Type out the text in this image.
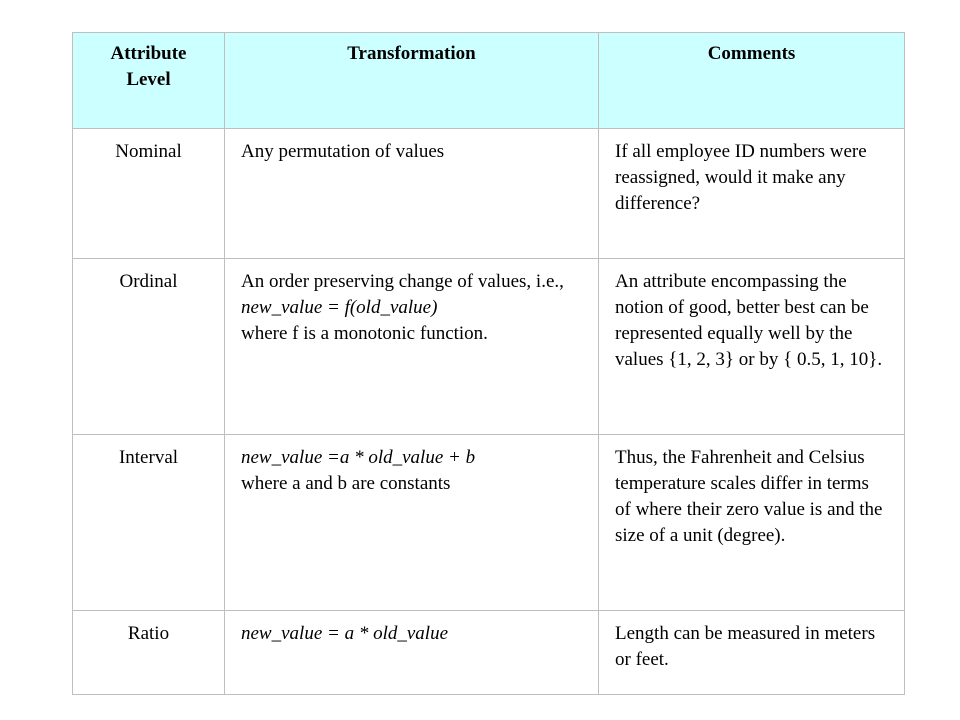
Attribute Level	Transformation	Comments
Nominal	Any permutation of values	If all employee ID numbers were reassigned, would it make any difference?
Ordinal	An order preserving change of values, i.e.,
new_value = f(old_value)
where f is a monotonic function.	An attribute encompassing the notion of good, better best can be represented equally well by the values {1, 2, 3} or by { 0.5, 1, 10}.
Interval	new_value =a * old_value + b
where a and b are constants	Thus, the Fahrenheit and Celsius temperature scales differ in terms of where their zero value is and the size of a unit (degree).
Ratio	new_value = a * old_value	Length can be measured in meters or feet.
